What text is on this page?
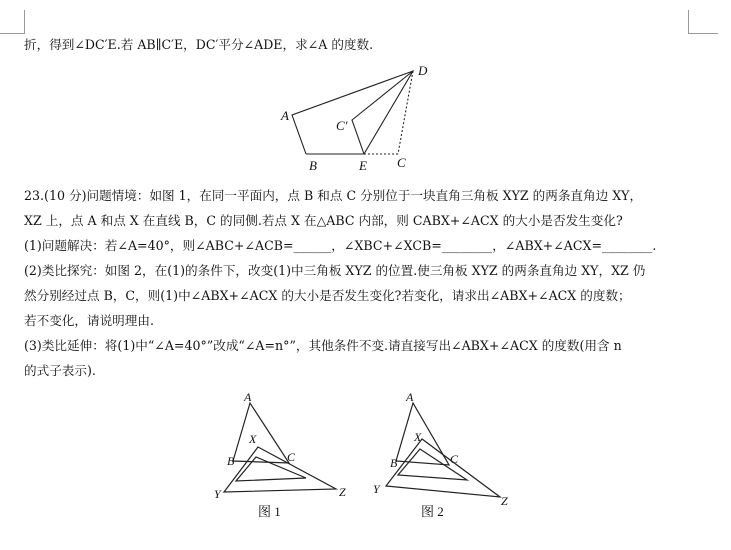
折，得到∠DC′E.若 AB∥C′E，DC′平分∠ADE，求∠A 的度数.
A
B
C′
D
E C
23.(10 分)问题情境：如图 1，在同一平面内，点 B 和点 C 分别位于一块直角三角板 XYZ 的两条直角边 XY，
XZ 上，点 A 和点 X 在直线 B，C 的同侧.若点 X 在△ABC 内部，则 CABX+∠ACX 的大小是否发生变化?
(1)问题解决：若∠A=40°，则∠ABC+∠ACB=______，∠XBC+∠XCB=________，∠ABX+∠ACX=________.
(2)类比探究：如图 2，在(1)的条件下，改变(1)中三角板 XYZ 的位置.使三角板 XYZ 的两条直角边 XY，XZ 仍
然分别经过点 B，C，则(1)中∠ABX+∠ACX 的大小是否发生变化?若变化，请求出∠ABX+∠ACX 的度数；
若不变化，请说明理由.
(3)类比延伸：将(1)中“∠A=40°”改成“∠A=n°”，其他条件不变.请直接写出∠ABX+∠ACX 的度数(用含 n
的式子表示).
A
X
B	C
Y	Z
图 1
A
X
B	C
Y
Z
图 2
